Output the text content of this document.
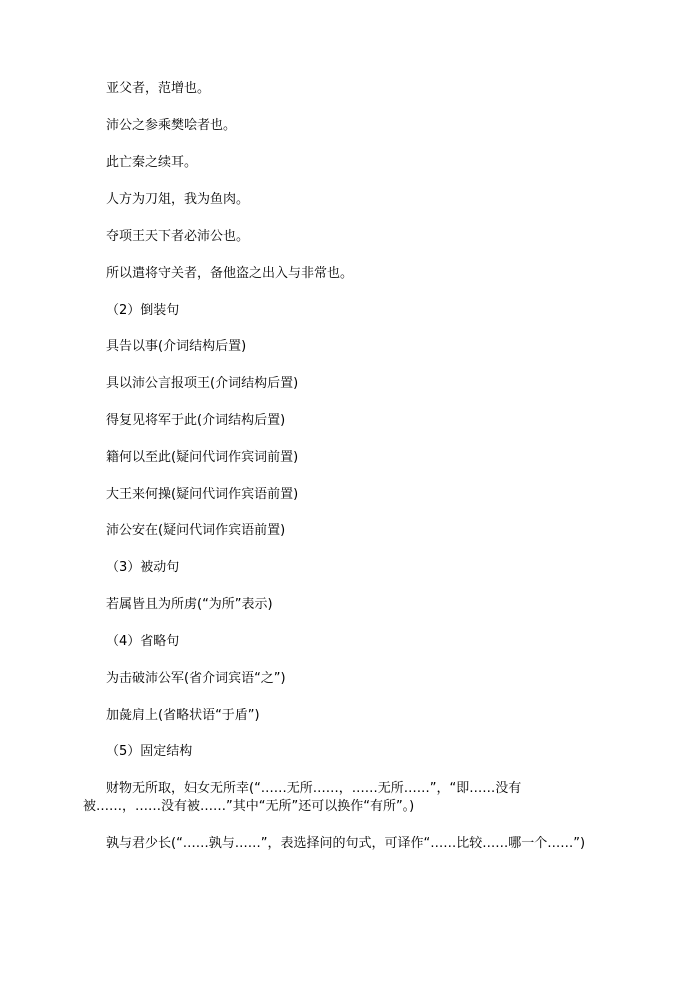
亚父者，范增也。
沛公之参乘樊哙者也。
此亡秦之续耳。
人方为刀俎，我为鱼肉。
夺项王天下者必沛公也。
所以遣将守关者，备他盗之出入与非常也。
（2）倒装句
具告以事(介词结构后置)
具以沛公言报项王(介词结构后置)
得复见将军于此(介词结构后置)
籍何以至此(疑问代词作宾词前置)
大王来何操(疑问代词作宾语前置)
沛公安在(疑问代词作宾语前置)
（3）被动句
若属皆且为所虏(“为所”表示)
（4）省略句
为击破沛公军(省介词宾语“之”)
加彘肩上(省略状语“于盾”)
（5）固定结构
财物无所取，妇女无所幸(“……无所……，……无所……”，“即……没有被……，……没有被……”其中“无所”还可以换作“有所”。)
孰与君少长(“……孰与……”，表选择问的句式，可译作“……比较……哪一个……”)
